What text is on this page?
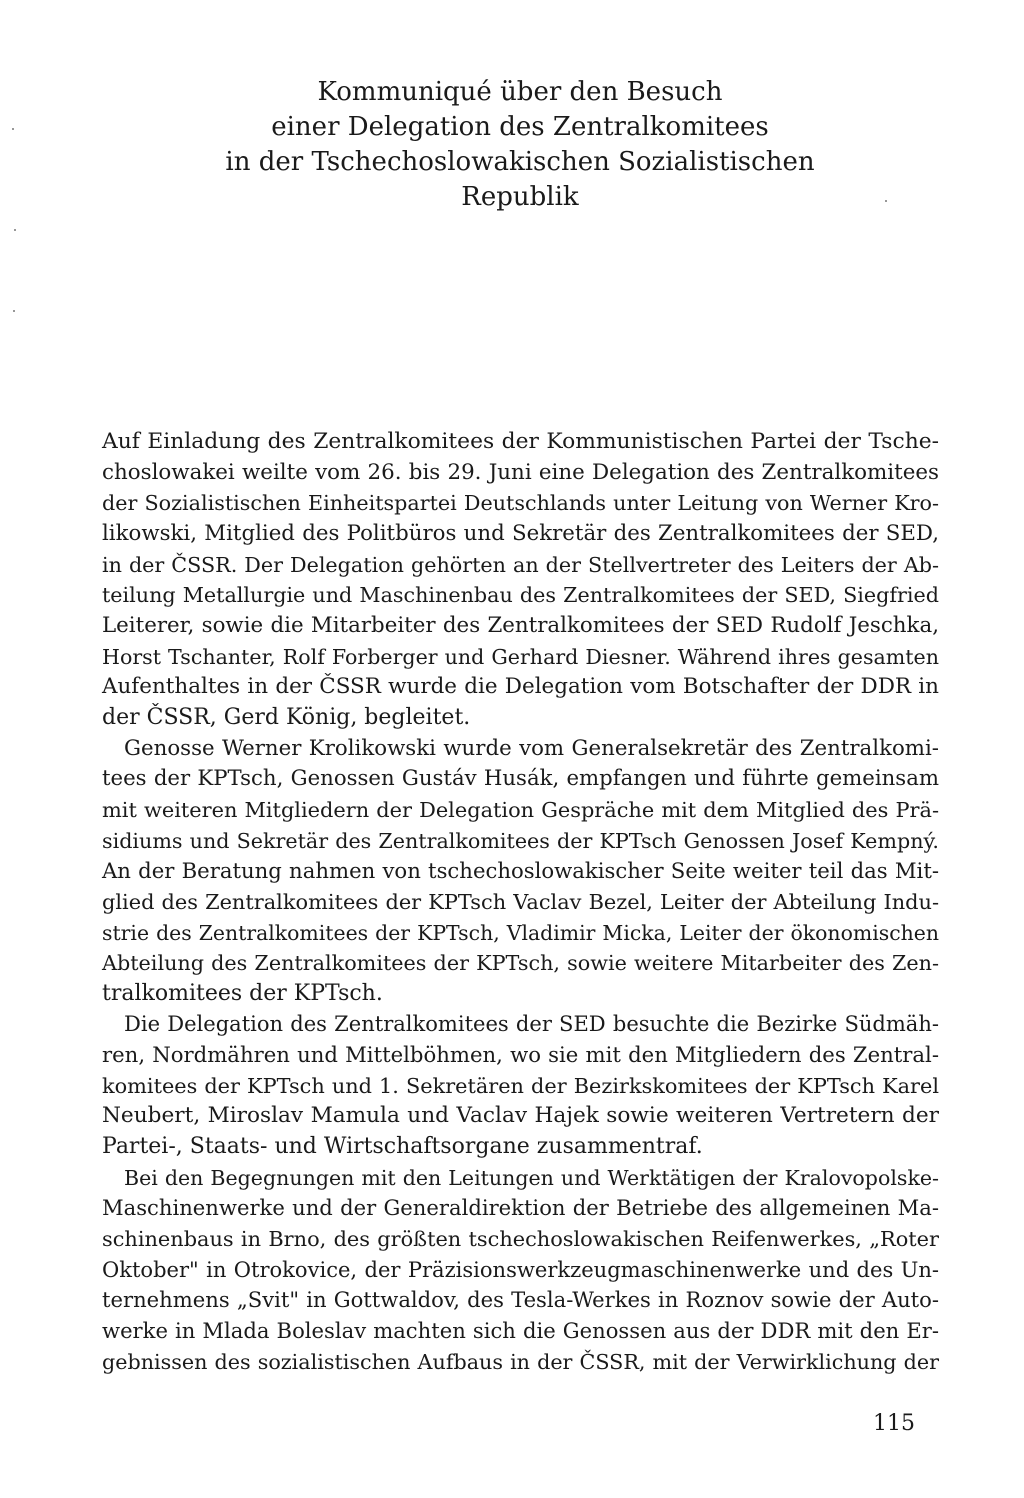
Kommuniqué über den Besuch
einer Delegation des Zentralkomitees
in der Tschechoslowakischen Sozialistischen
Republik
Auf Einladung des Zentralkomitees der Kommunistischen Partei der Tsche-
choslowakei weilte vom 26. bis 29. Juni eine Delegation des Zentralkomitees
der Sozialistischen Einheitspartei Deutschlands unter Leitung von Werner Kro-
likowski, Mitglied des Politbüros und Sekretär des Zentralkomitees der SED,
in der ČSSR. Der Delegation gehörten an der Stellvertreter des Leiters der Ab-
teilung Metallurgie und Maschinenbau des Zentralkomitees der SED, Siegfried
Leiterer, sowie die Mitarbeiter des Zentralkomitees der SED Rudolf Jeschka,
Horst Tschanter, Rolf Forberger und Gerhard Diesner. Während ihres gesamten
Aufenthaltes in der ČSSR wurde die Delegation vom Botschafter der DDR in
der ČSSR, Gerd König, begleitet.
Genosse Werner Krolikowski wurde vom Generalsekretär des Zentralkomi-
tees der KPTsch, Genossen Gustáv Husák, empfangen und führte gemeinsam
mit weiteren Mitgliedern der Delegation Gespräche mit dem Mitglied des Prä-
sidiums und Sekretär des Zentralkomitees der KPTsch Genossen Josef Kempný.
An der Beratung nahmen von tschechoslowakischer Seite weiter teil das Mit-
glied des Zentralkomitees der KPTsch Vaclav Bezel, Leiter der Abteilung Indu-
strie des Zentralkomitees der KPTsch, Vladimir Micka, Leiter der ökonomischen
Abteilung des Zentralkomitees der KPTsch, sowie weitere Mitarbeiter des Zen-
tralkomitees der KPTsch.
Die Delegation des Zentralkomitees der SED besuchte die Bezirke Südmäh-
ren, Nordmähren und Mittelböhmen, wo sie mit den Mitgliedern des Zentral-
komitees der KPTsch und 1. Sekretären der Bezirkskomitees der KPTsch Karel
Neubert, Miroslav Mamula und Vaclav Hajek sowie weiteren Vertretern der
Partei-, Staats- und Wirtschaftsorgane zusammentraf.
Bei den Begegnungen mit den Leitungen und Werktätigen der Kralovopolske-
Maschinenwerke und der Generaldirektion der Betriebe des allgemeinen Ma-
schinenbaus in Brno, des größten tschechoslowakischen Reifenwerkes, „Roter
Oktober" in Otrokovice, der Präzisionswerkzeugmaschinenwerke und des Un-
ternehmens „Svit" in Gottwaldov, des Tesla-Werkes in Roznov sowie der Auto-
werke in Mlada Boleslav machten sich die Genossen aus der DDR mit den Er-
gebnissen des sozialistischen Aufbaus in der ČSSR, mit der Verwirklichung der
115
